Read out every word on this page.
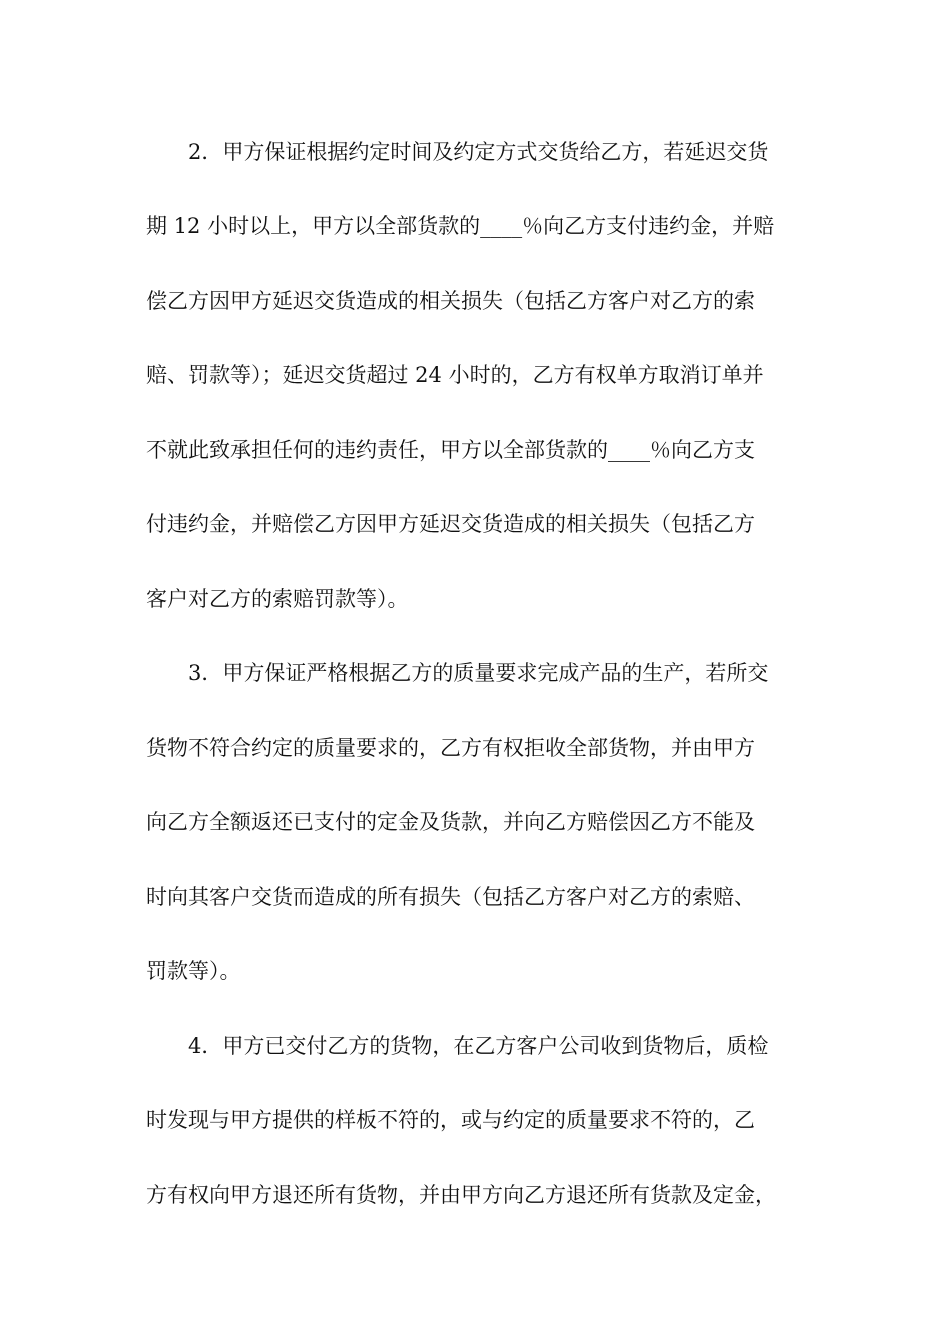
2．甲方保证根据约定时间及约定方式交货给乙方，若延迟交货
期 12 小时以上，甲方以全部货款的____％向乙方支付违约金，并赔
偿乙方因甲方延迟交货造成的相关损失（包括乙方客户对乙方的索
赔、罚款等）；延迟交货超过 24 小时的，乙方有权单方取消订单并
不就此致承担任何的违约责任，甲方以全部货款的____％向乙方支
付违约金，并赔偿乙方因甲方延迟交货造成的相关损失（包括乙方
客户对乙方的索赔罚款等）。
3．甲方保证严格根据乙方的质量要求完成产品的生产，若所交
货物不符合约定的质量要求的，乙方有权拒收全部货物，并由甲方
向乙方全额返还已支付的定金及货款，并向乙方赔偿因乙方不能及
时向其客户交货而造成的所有损失（包括乙方客户对乙方的索赔、
罚款等）。
4．甲方已交付乙方的货物，在乙方客户公司收到货物后，质检
时发现与甲方提供的样板不符的，或与约定的质量要求不符的，乙
方有权向甲方退还所有货物，并由甲方向乙方退还所有货款及定金，
